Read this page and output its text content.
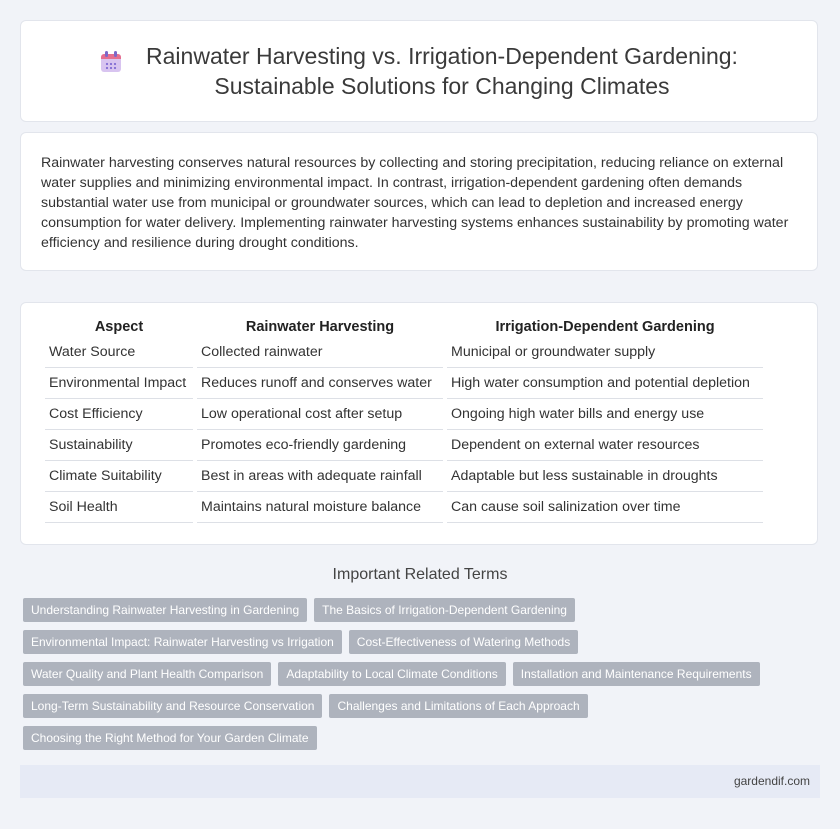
Rainwater Harvesting vs. Irrigation-Dependent Gardening:
Sustainable Solutions for Changing Climates

Rainwater harvesting conserves natural resources by collecting and storing precipitation, reducing reliance on external water supplies and minimizing environmental impact. In contrast, irrigation-dependent gardening often demands substantial water use from municipal or groundwater sources, which can lead to depletion and increased energy consumption for water delivery. Implementing rainwater harvesting systems enhances sustainability by promoting water efficiency and resilience during drought conditions.

Aspect	Rainwater Harvesting	Irrigation-Dependent Gardening
Water Source	Collected rainwater	Municipal or groundwater supply
Environmental Impact	Reduces runoff and conserves water	High water consumption and potential depletion
Cost Efficiency	Low operational cost after setup	Ongoing high water bills and energy use
Sustainability	Promotes eco-friendly gardening	Dependent on external water resources
Climate Suitability	Best in areas with adequate rainfall	Adaptable but less sustainable in droughts
Soil Health	Maintains natural moisture balance	Can cause soil salinization over time
Important Related Terms
Understanding Rainwater Harvesting in Gardening	The Basics of Irrigation-Dependent Gardening
Environmental Impact: Rainwater Harvesting vs Irrigation	Cost-Effectiveness of Watering Methods
Water Quality and Plant Health Comparison	Adaptability to Local Climate Conditions	Installation and Maintenance Requirements
Long-Term Sustainability and Resource Conservation	Challenges and Limitations of Each Approach
Choosing the Right Method for Your Garden Climate
gardendif.com
